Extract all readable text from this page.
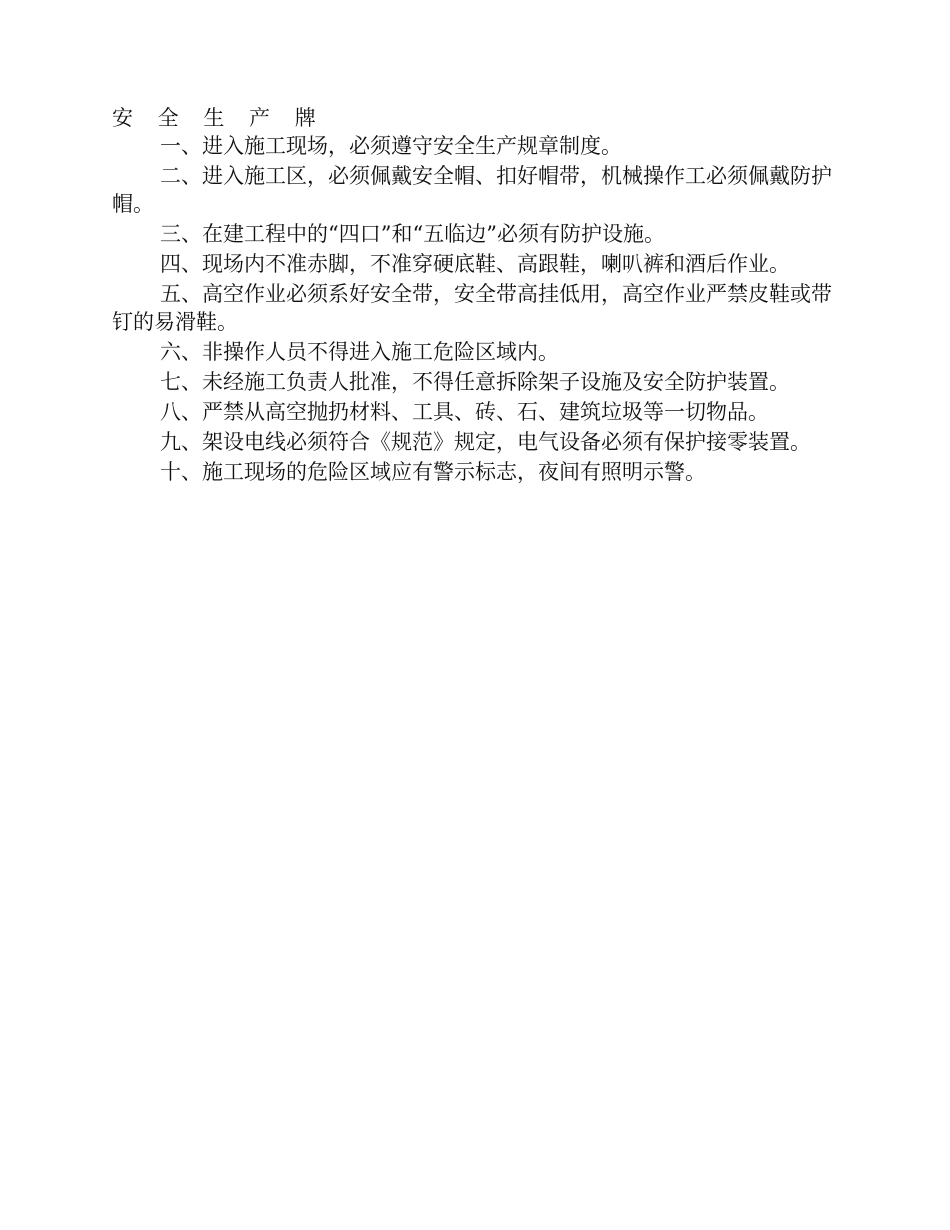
安 全 生 产 牌

一、进入施工现场，必须遵守安全生产规章制度。

二、进入施工区，必须佩戴安全帽、扣好帽带，机械操作工必须佩戴防护帽。

三、在建工程中的“四口”和“五临边”必须有防护设施。

四、现场内不准赤脚，不准穿硬底鞋、高跟鞋，喇叭裤和酒后作业。

五、高空作业必须系好安全带，安全带高挂低用，高空作业严禁皮鞋或带钉的易滑鞋。

六、非操作人员不得进入施工危险区域内。

七、未经施工负责人批准，不得任意拆除架子设施及安全防护装置。

八、严禁从高空抛扔材料、工具、砖、石、建筑垃圾等一切物品。

九、架设电线必须符合《规范》规定，电气设备必须有保护接零装置。

十、施工现场的危险区域应有警示标志，夜间有照明示警。
